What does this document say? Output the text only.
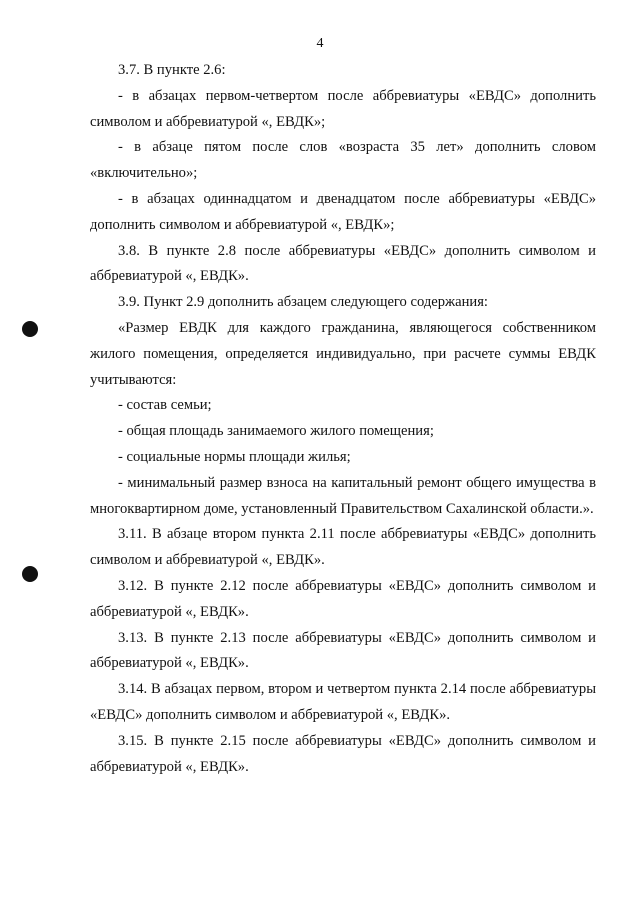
4

3.7. В пункте 2.6:

- в абзацах первом-четвертом после аббревиатуры «ЕВДС» дополнить символом и аббревиатурой «, ЕВДК»;

- в абзаце пятом после слов «возраста 35 лет» дополнить словом «включительно»;

- в абзацах одиннадцатом и двенадцатом после аббревиатуры «ЕВДС» дополнить символом и аббревиатурой «, ЕВДК»;

3.8. В пункте 2.8 после аббревиатуры «ЕВДС» дополнить символом и аббревиатурой «, ЕВДК».

3.9. Пункт 2.9 дополнить абзацем следующего содержания:

«Размер ЕВДК для каждого гражданина, являющегося собственником жилого помещения, определяется индивидуально, при расчете суммы ЕВДК учитываются:

- состав семьи;

- общая площадь занимаемого жилого помещения;

- социальные нормы площади жилья;

- минимальный размер взноса на капитальный ремонт общего имущества в многоквартирном доме, установленный Правительством Сахалинской области.».

3.11. В абзаце втором пункта 2.11 после аббревиатуры «ЕВДС» дополнить символом и аббревиатурой «, ЕВДК».

3.12. В пункте 2.12 после аббревиатуры «ЕВДС» дополнить символом и аббревиатурой «, ЕВДК».

3.13. В пункте 2.13 после аббревиатуры «ЕВДС» дополнить символом и аббревиатурой «, ЕВДК».

3.14. В абзацах первом, втором и четвертом пункта 2.14 после аббревиатуры «ЕВДС» дополнить символом и аббревиатурой «, ЕВДК».

3.15. В пункте 2.15 после аббревиатуры «ЕВДС» дополнить символом и аббревиатурой «, ЕВДК».
